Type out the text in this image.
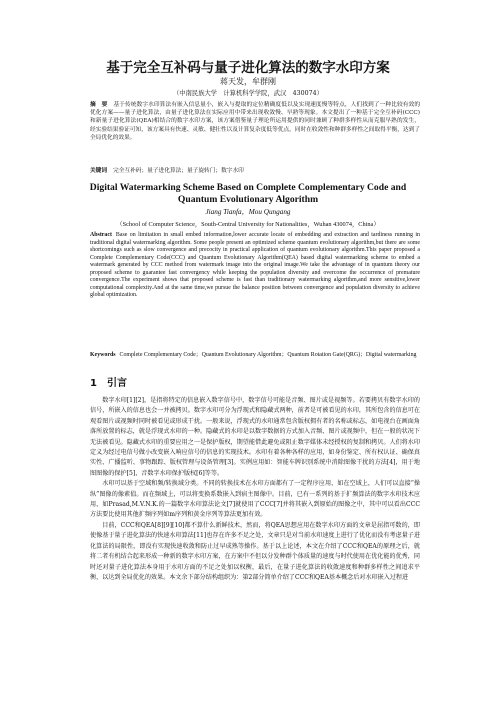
基于完全互补码与量子进化算法的数字水印方案
蒋天发，牟群刚
（中南民族大学　计算机科学学院，武汉　430074）
摘　要 基于传统数字水印算法有嵌入信息量小，嵌入与提取的定位精确度低以及实现速度慢等特点，人们找到了一种比较有效的优化方案——量子进化算法，由量子进化算法在实际应用中带来出现收敛慢、早熟等现象。本文提出了一种基于完全互补码(CCC)和新量子进化算法(QEA)相结合的数字水印方案，该方案借鉴量子理论所运用提供的同时兼顾了种群多样性从而克服早熟的发生，经实验结果验证可知，该方案具有快速、灵敏、健壮性以及计算复杂度低等优点，同时在收敛性和种群多样性之间取得平衡，达到了全局优化的效果。
关键词 完全互补码；量子进化算法；量子旋转门；数字水印
Digital Watermarking Scheme Based on Complete Complementary Code and
Quantum Evolutionary Algorithm
Jiang Tianfa，Mou Qungang
（School of Computer Science，South-Central University for Nationalities，Wuhan 430074，China）
Abstract Base on limitation in small embed information,lower accurate locate of embedding and extraction and tardiness running in traditional digital watermarking algorithm. Some people present an optimized scheme quantum evolutionary algorithm,but there are some shortcomings such as slow convergence and precocity in practical application of quantum evolutionary algorithm.This paper proposed a Complete Complementary Code(CCC) and Quantum Evolutionary Algorithm(QEA) based digital watermarking scheme to embed a watermark generated by CCC method from watermark image into the original image.We take the advantage of in quantum theory our proposed scheme to guarantee fast convergency while keeping the population diversity and overcome the occurrence of premature convergence.The experiment shows that proposed scheme is fast than traditionary watermarking algorithm,and more sensitive,lower computational complexity.And at the same time,we pursue the balance position between convergence and population diversity to achieve global optimization.
Keywords Complete Complementary Code；Quantum Evolutionary Algorithm；Quantum Rotation Gate(QRG)；Digital watermarking
1　引言

数字水印[1][2]，是指将特定的信息嵌入数字信号中，数字信号可能是音频、图片或是视频等。若要拷贝有数字水印的信号，所嵌入的信息也会一并被拷贝。数字水印可分为浮现式和隐藏式两种，前者是可被看见的水印，其所包含的信息可在观看图片或视频时同时被看见或形成干扰。一般来说，浮现式的水印通常包含版权拥有者的名称或标志，如电视台在画面角落所放置的标志，就是浮现式水印的一种。隐藏式的水印是以数字数据的方式加入音频、图片或视频中，但在一般的状况下无法被看见。隐藏式水印的重要应用之一是保护版权，期望能借此避免或阻止数字媒体未经授权的复制和拷贝。人们将水印定义为经过电信号做小改变嵌入响应信号的信息的实现技术。水印有着各种各样的应用，如身份鉴定、所有权认证、确保真实性、广播监听、事物跟踪、版权管理与设备管理[3]。实例应用如：智能车牌识别系统中消除图像干扰的方法[4]，用于地图图像的保护[5]，音数字水印保护版权[6]等等。

水印可以基于空域和频/转换域分类。不同的转换技术在水印方面都有了一定程序应用，如在空域上，人们可以直接“操纵”图像的像素值。而在频域上，可以将变换系数嵌入到宿主图像中。目前，已有一系列的基于扩频算法的数字水印技术应用，如Prasad,M.V.N.K.的一篇数字水印算法论文[7]就使用了CCC[7]并将其嵌入到原始的图像之中，其中可以看出CCC方法要比使用其他扩频序列如m序列和黄金序列等算法更加有效。

目前，CCC和QEA[8][9][10]都不算什么新鲜技术，然而，将QEA思想应用在数字水印方面的文章是屈指可数的，即使像基于量子进化算法的快速水印算法[11]也存在许多不足之处，文章只是对当前水印速度上进行了优化而没有考虑量子进化算法的局限性，即没有实现快速收敛和防止过早成熟等操作。基于以上论述，本文在介绍了CCC和QEA的原理之后，就将二者有机结合起来形成一种新的数字水印方案，在方案中不但以分发种群个体质量的速度与时代使用在优化能的优秀，同时还对量子进化算法本身用于水印方面的不足之处加以权衡，最后，在量子进化算法的收敛速度和种群多样性之间追求平衡，以达到全局优化的效果。本文余下部分结构组织为：第2部分简单介绍了CCC和QEA基本概念后对水印嵌入过程进
